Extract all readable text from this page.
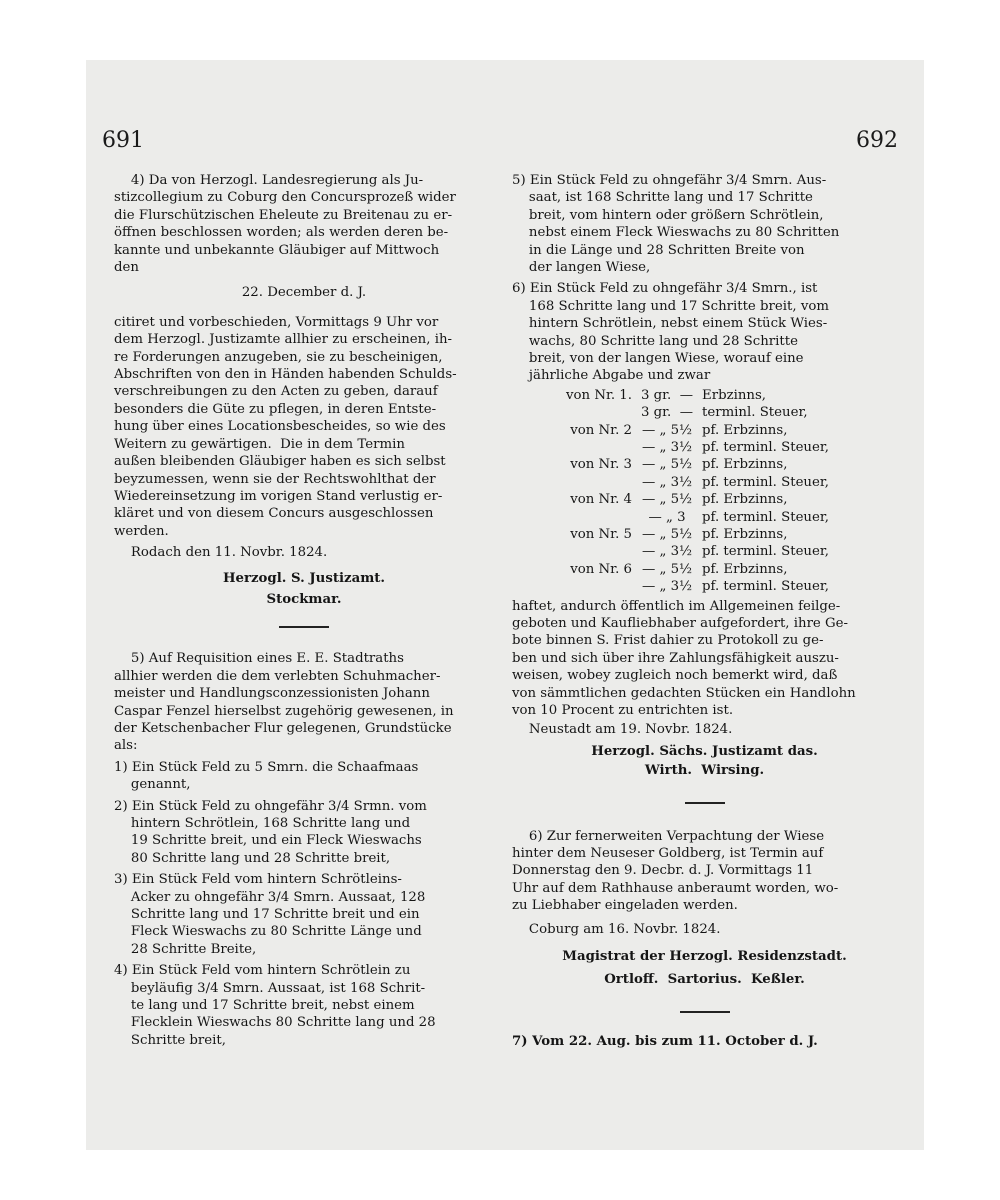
691	692

4) Da von Herzogl. Landesregierung als Ju-

stizcollegium zu Coburg den Concursprozeß wider

die Flurschützischen Eheleute zu Breitenau zu er-

öffnen beschlossen worden; als werden deren be-

kannte und unbekannte Gläubiger auf Mittwoch

den

22. December d. J.

citiret und vorbeschieden, Vormittags 9 Uhr vor

dem Herzogl. Justizamte allhier zu erscheinen, ih-

re Forderungen anzugeben, sie zu bescheinigen,

Abschriften von den in Händen habenden Schulds-

verschreibungen zu den Acten zu geben, darauf

besonders die Güte zu pflegen, in deren Entste-

hung über eines Locationsbescheides, so wie des

Weitern zu gewärtigen.  Die in dem Termin

außen bleibenden Gläubiger haben es sich selbst

beyzumessen, wenn sie der Rechtswohlthat der

Wiedereinsetzung im vorigen Stand verlustig er-

kläret und von diesem Concurs ausgeschlossen

werden.

Rodach den 11. Novbr. 1824.

Herzogl. S. Justizamt.

Stockmar.

5) Auf Requisition eines E. E. Stadtraths

allhier werden die dem verlebten Schuhmacher-

meister und Handlungsconzessionisten Johann

Caspar Fenzel hierselbst zugehörig gewesenen, in

der Ketschenbacher Flur gelegenen, Grundstücke

als:

1) Ein Stück Feld zu 5 Smrn. die Schaafmaas

genannt,

2) Ein Stück Feld zu ohngefähr 3/4 Srmn. vom

hintern Schrötlein, 168 Schritte lang und

19 Schritte breit, und ein Fleck Wieswachs

80 Schritte lang und 28 Schritte breit,

3) Ein Stück Feld vom hintern Schrötleins-

Acker zu ohngefähr 3/4 Smrn. Aussaat, 128

Schritte lang und 17 Schritte breit und ein

Fleck Wieswachs zu 80 Schritte Länge und

28 Schritte Breite,

4) Ein Stück Feld vom hintern Schrötlein zu

beyläufig 3/4 Smrn. Aussaat, ist 168 Schrit-

te lang und 17 Schritte breit, nebst einem

Flecklein Wieswachs 80 Schritte lang und 28

Schritte breit,

5) Ein Stück Feld zu ohngefähr 3/4 Smrn. Aus-

saat, ist 168 Schritte lang und 17 Schritte

breit, vom hintern oder größern Schrötlein,

nebst einem Fleck Wieswachs zu 80 Schritten

in die Länge und 28 Schritten Breite von

der langen Wiese,

6) Ein Stück Feld zu ohngefähr 3/4 Smrn., ist

168 Schritte lang und 17 Schritte breit, vom

hintern Schrötlein, nebst einem Stück Wies-

wachs, 80 Schritte lang und 28 Schritte

breit, von der langen Wiese, worauf eine

jährliche Abgabe und zwar

von Nr. 1. 3 gr.  — Erbzinns,
3 gr.  — terminl. Steuer,
von Nr. 2 — „ 5½ pf. Erbzinns,
— „ 3½ pf. terminl. Steuer,
von Nr. 3 — „ 5½ pf. Erbzinns,
— „ 3½ pf. terminl. Steuer,
von Nr. 4 — „ 5½ pf. Erbzinns,
— „ 3	pf. terminl. Steuer,
von Nr. 5 — „ 5½ pf. Erbzinns,
— „ 3½ pf. terminl. Steuer,
von Nr. 6 — „ 5½ pf. Erbzinns,
— „ 3½ pf. terminl. Steuer,

haftet, andurch öffentlich im Allgemeinen feilge-

geboten und Kaufliebhaber aufgefordert, ihre Ge-

bote binnen S. Frist dahier zu Protokoll zu ge-

ben und sich über ihre Zahlungsfähigkeit auszu-

weisen, wobey zugleich noch bemerkt wird, daß

von sämmtlichen gedachten Stücken ein Handlohn

von 10 Procent zu entrichten ist.

Neustadt am 19. Novbr. 1824.

Herzogl. Sächs. Justizamt das.

Wirth.  Wirsing.

6) Zur fernerweiten Verpachtung der Wiese

hinter dem Neuseser Goldberg, ist Termin auf

Donnerstag den 9. Decbr. d. J. Vormittags 11

Uhr auf dem Rathhause anberaumt worden, wo-

zu Liebhaber eingeladen werden.

Coburg am 16. Novbr. 1824.

Magistrat der Herzogl. Residenzstadt.

Ortloff.  Sartorius.  Keßler.

7) Vom 22. Aug. bis zum 11. October d. J.
